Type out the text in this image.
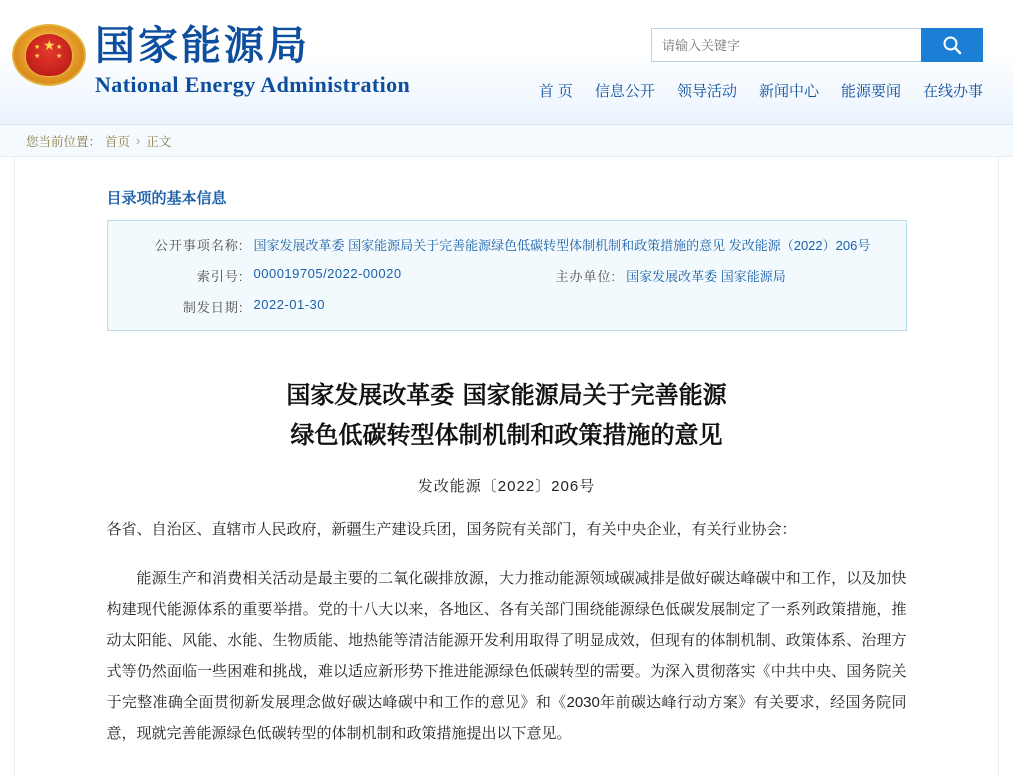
★
★
★
★
★ 国家能源局
National Energy Administration
请输入关键字	首 页 信息公开 领导活动 新闻中心 能源要闻 在线办事
您当前位置： 首页 › 正文
目录项的基本信息
公开事项名称: 国家发展改革委 国家能源局关于完善能源绿色低碳转型体制机制和政策措施的意见 发改能源（2022）206号
索引号: 000019705/2022-00020	主办单位: 国家发展改革委 国家能源局
制发日期: 2022-01-30
国家发展改革委 国家能源局关于完善能源
绿色低碳转型体制机制和政策措施的意见
发改能源〔2022〕206号
各省、自治区、直辖市人民政府，新疆生产建设兵团，国务院有关部门，有关中央企业，有关行业协会：
能源生产和消费相关活动是最主要的二氧化碳排放源，大力推动能源领域碳减排是做好碳达峰碳中和工作，以及加快构建现代能源体系的重要举措。党的十八大以来，各地区、各有关部门围绕能源绿色低碳发展制定了一系列政策措施，推动太阳能、风能、水能、生物质能、地热能等清洁能源开发利用取得了明显成效，但现有的体制机制、政策体系、治理方式等仍然面临一些困难和挑战，难以适应新形势下推进能源绿色低碳转型的需要。为深入贯彻落实《中共中央、国务院关于完整准确全面贯彻新发展理念做好碳达峰碳中和工作的意见》和《2030年前碳达峰行动方案》有关要求，经国务院同意，现就完善能源绿色低碳转型的体制机制和政策措施提出以下意见。
